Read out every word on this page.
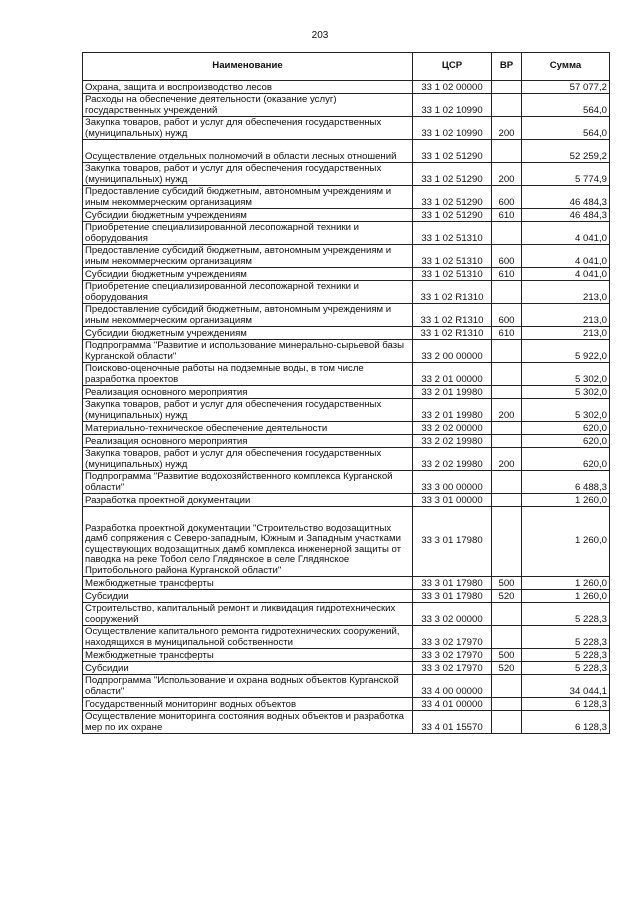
203
Наименование	ЦСР	ВР	Сумма
Охрана, защита и воспроизводство лесов	33 1 02 00000		57 077,2
Расходы на обеспечение деятельности (оказание услуг) государственных учреждений	33 1 02 10990		564,0
Закупка товаров, работ и услуг для обеспечения государственных (муниципальных) нужд	33 1 02 10990	200	564,0
Осуществление отдельных полномочий в области лесных отношений	33 1 02 51290		52 259,2
Закупка товаров, работ и услуг для обеспечения государственных (муниципальных) нужд	33 1 02 51290	200	5 774,9
Предоставление субсидий бюджетным, автономным учреждениям и иным некоммерческим организациям	33 1 02 51290	600	46 484,3
Субсидии бюджетным учреждениям	33 1 02 51290	610	46 484,3
Приобретение специализированной лесопожарной техники и оборудования	33 1 02 51310		4 041,0
Предоставление субсидий бюджетным, автономным учреждениям и иным некоммерческим организациям	33 1 02 51310	600	4 041,0
Субсидии бюджетным учреждениям	33 1 02 51310	610	4 041,0
Приобретение специализированной лесопожарной техники и оборудования	33 1 02 R1310		213,0
Предоставление субсидий бюджетным, автономным учреждениям и иным некоммерческим организациям	33 1 02 R1310	600	213,0
Субсидии бюджетным учреждениям	33 1 02 R1310	610	213,0
Подпрограмма "Развитие и использование минерально-сырьевой базы Курганской области"	33 2 00 00000		5 922,0
Поисково-оценочные работы на подземные воды, в том числе разработка проектов	33 2 01 00000		5 302,0
Реализация основного мероприятия	33 2 01 19980		5 302,0
Закупка товаров, работ и услуг для обеспечения государственных (муниципальных) нужд	33 2 01 19980	200	5 302,0
Материально-техническое обеспечение деятельности	33 2 02 00000		620,0
Реализация основного мероприятия	33 2 02 19980		620,0
Закупка товаров, работ и услуг для обеспечения государственных (муниципальных) нужд	33 2 02 19980	200	620,0
Подпрограмма "Развитие водохозяйственного комплекса Курганской области"	33 3 00 00000		6 488,3
Разработка проектной документации	33 3 01 00000		1 260,0
Разработка проектной документации "Строительство водозащитных дамб сопряжения с Северо-западным, Южным и Западным участками существующих водозащитных дамб комплекса инженерной защиты от паводка на реке Тобол село Глядянское в селе Глядянское Притобольного района Курганской области"	33 3 01 17980		1 260,0
Межбюджетные трансферты	33 3 01 17980	500	1 260,0
Субсидии	33 3 01 17980	520	1 260,0
Строительство, капитальный ремонт и ликвидация гидротехнических сооружений	33 3 02 00000		5 228,3
Осуществление капитального ремонта гидротехнических сооружений, находящихся в муниципальной собственности	33 3 02 17970		5 228,3
Межбюджетные трансферты	33 3 02 17970	500	5 228,3
Субсидии	33 3 02 17970	520	5 228,3
Подпрограмма "Использование и охрана водных объектов Курганской области"	33 4 00 00000		34 044,1
Государственный мониторинг водных объектов	33 4 01 00000		6 128,3
Осуществление мониторинга состояния водных объектов и разработка мер по их охране	33 4 01 15570		6 128,3
